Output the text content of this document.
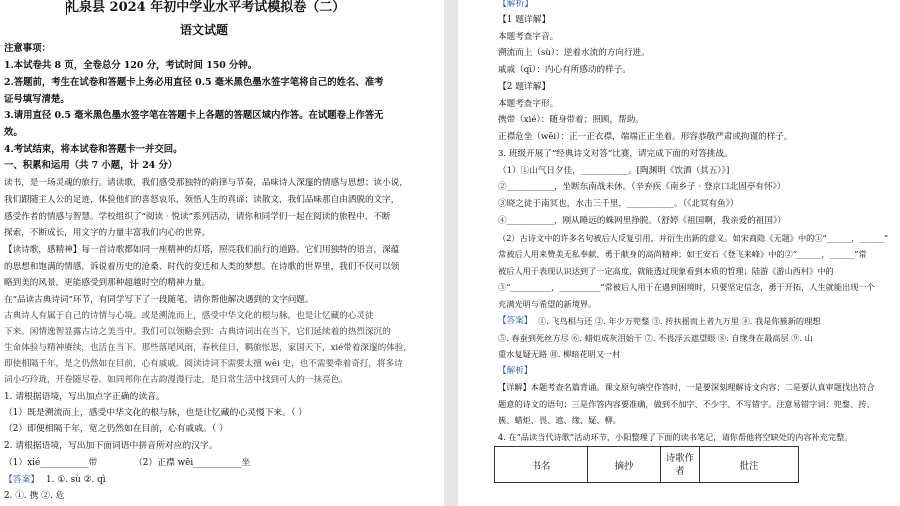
礼泉县 2024 年初中学业水平考试模拟卷（二）
语文试题
注意事项：
1.本试卷共 8 页，全卷总分 120 分，考试时间 150 分钟。
2.答题前，考生在试卷和答题卡上务必用直径 0.5 毫米黑色墨水签字笔将自己的姓名、准考
证号填写清楚。
3.请用直径 0.5 毫米黑色墨水签字笔在答题卡上各题的答题区域内作答。在试题卷上作答无
效。
4.考试结束，将本试卷和答题卡一并交回。
一、积累和运用（共 7 小题，计 24 分）
读书，是一场灵魂的旅行。请读歌，我们感受那独特的韵律与节奏，品味诗人深邃的情感与思想；读小说，
我们跟随主人公的足迹，体验他们的喜怒哀乐，领悟人生的真谛；读散文，我们品味那自由洒脱的文字，
感受作者的情感与智慧。学校组织了“阅读 · 悦读”系列活动，请你和同学们一起在阅读的旅程中，不断
探索，不断成长，用文字的力量丰富我们内心的世界。
【读诗歌，感精神】每一首诗歌都如同一座精神的灯塔，照亮我们前行的道路。它们用独特的语言，深蕴
的思想和饱满的情感，诉说着历史的沧桑、时代的变迁和人类的梦想。在诗歌的世界里，我们不仅可以领
略到美的风景，更能感受到那种超越时空的精神力量。
在“品读古典诗词”环节，有同学写下了一段随笔，请你帮他解决遇到的文字问题。
古典诗人有属于自己的诗情与心境。或是溯流而上，感受中华文化的根与脉，也是让忆藏的心灵徒
下来。闲情逸智显露古诗之美当中。我们可以领略会到：古典诗词出在当下，它们延续着的热烈深沉的
生命体验与精神赓续，也活在当下。那些落尾风雨，春秋佳日，羁旅怅思，家国天下，xié带着深邃的体验，
即使相隔千年，是之仍然如在目前，心有戚戚。阅读诗词不需要太擅 wēi 史，也不需要牵着奇打，将多诗
词小巧玲珑，开卷随尽卷。如同邦你在古韵漫漫行走，是日常生活中找到可人的一抹亮色。
1. 请根据语境，写出加点字正确的读音。
（1）既是溯流而上，感受中华文化的根与脉，也是让忆藏的心灵慢下来。（ ）
（2）即便相隔千年，宽之仍然如在目前，心有戚戚。（ ）
2. 请根据语境，写出加下面词语中拼音所对应的汉字。
（1）xié___________带	（2）正襟 wēi___________坐
【答案】 1. ①. sù ②. qì
2. ①. 携 ②. 危
【解析】
【1 题详解】
本题考查字音。
溯流而上（sù）：逆着水流的方向行进。
戚戚（qī）：内心有所感动的样子。
【2 题详解】
本题考查字形。
携带（xié）：随身带着；照顾，帮助。
正襟危坐（wēi）：正一正衣襟，端端正正坐着。形容恭敬严肃或拘谨的样子。
3. 班级开展了“经典诗文对答”比赛，请完成下面的对答挑战。
（1）①山气日夕佳，___________。[陶渊明《饮酒（其五）》]
②___________，坐断东南战未休。（辛弃疾《南乡子 · 登京口北固亭有怀》）
③晓之徒于南冥也，水击三千里，___________。（《北冥有鱼》）
④___________，刚从睡远的蛛网里挣脱。（舒婷《祖国啊，我亲爱的祖国》）
（2）古诗文中的许多名句被后人反复引用，并衍生出新的意义。如宋商隐《无题》中的①“______，______”
常被后人用来赞美无私奉献、勇于献身的高尚精神；如王安石《登飞来峰》中的②“______，______”常
被后人用于表现认识达到了一定高度，就能透过现象看到本质的哲理；陆游《游山西村》中的
③“__________，__________”常被后人用于在遇到困境时，只要坚定信念，勇于开拓，人生就能出现一个
充满光明与希望的新境界。
【答案】 ①. 飞鸟相与还 ②. 年少万兜鍪 ③. 抟扶摇而上者九万里 ④. 我是你簇新的理想
⑤. 春蚕到死丝方尽 ⑥. 蜡炬成灰泪始干 ⑦. 不畏浮云遮望眼 ⑧. 自缘身在最高层 ⑨. 山
重水复疑无路 ⑩. 柳暗花明又一村
【解析】
【详解】本题考查名篇背诵。课文原句填空作答时，一是要深刻理解诗文内容；二是要认真审题找出符合
题意的诗文的语句；三是作答内容要准确，做到不加字、不少字、不写错字。注意易错字词：兜鍪、抟、
簇、蜡炬、畏、遮、缘、疑、柳。
4. 在“品读当代诗歌”活动环节，小阳整理了下面的读书笔记，请你帮他将空缺处的内容补充完整。
书名	摘抄	诗歌作者	批注
